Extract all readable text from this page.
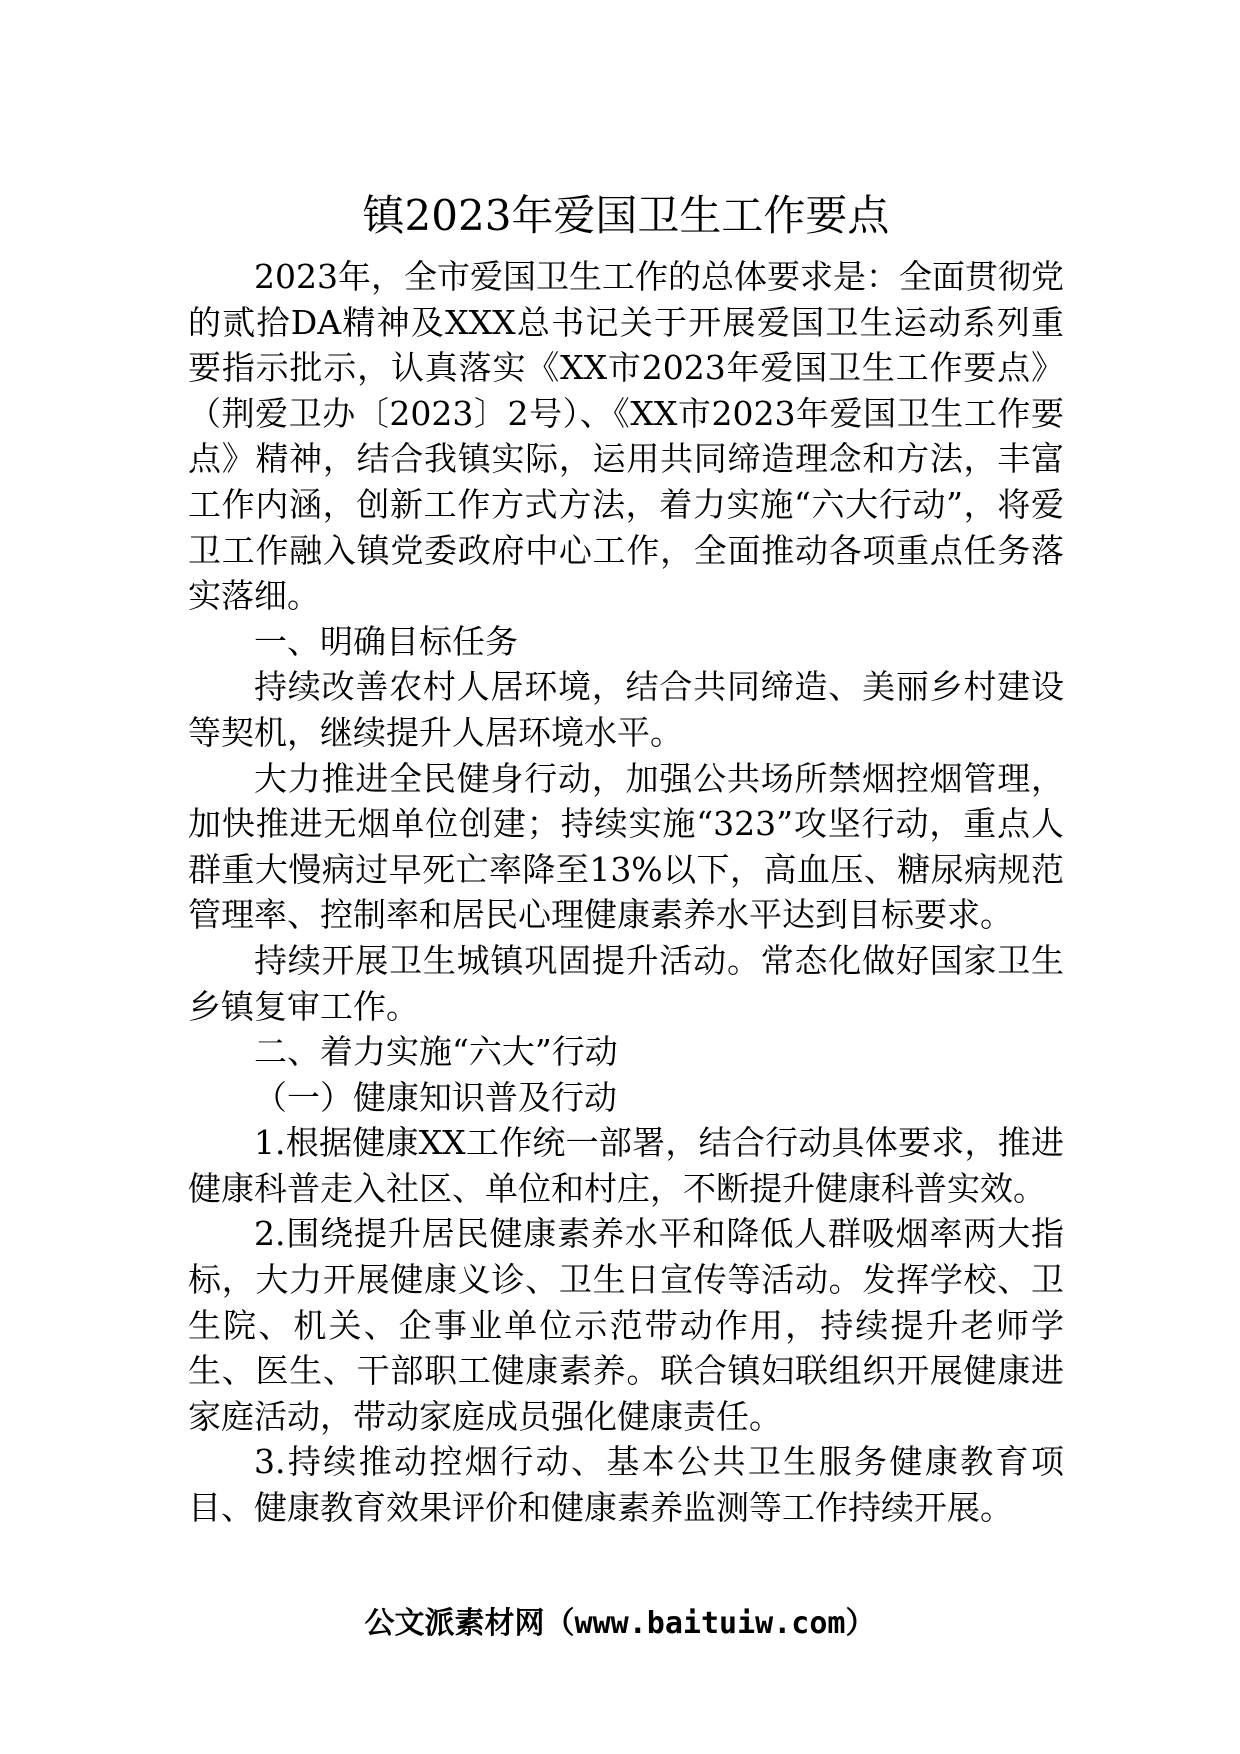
镇2023年爱国卫生工作要点

2023年，全市爱国卫生工作的总体要求是：全面贯彻党的贰拾DA精神及XXX总书记关于开展爱国卫生运动系列重要指示批示，认真落实《XX市2023年爱国卫生工作要点》（荆爱卫办〔2023〕2号）、《XX市2023年爱国卫生工作要点》精神，结合我镇实际，运用共同缔造理念和方法，丰富工作内涵，创新工作方式方法，着力实施“六大行动”，将爱卫工作融入镇党委政府中心工作，全面推动各项重点任务落实落细。

一、明确目标任务

持续改善农村人居环境，结合共同缔造、美丽乡村建设等契机，继续提升人居环境水平。

大力推进全民健身行动，加强公共场所禁烟控烟管理，加快推进无烟单位创建；持续实施“323”攻坚行动，重点人群重大慢病过早死亡率降至13%以下，高血压、糖尿病规范管理率、控制率和居民心理健康素养水平达到目标要求。

持续开展卫生城镇巩固提升活动。常态化做好国家卫生乡镇复审工作。

二、着力实施“六大”行动

（一）健康知识普及行动

1.根据健康XX工作统一部署，结合行动具体要求，推进健康科普走入社区、单位和村庄，不断提升健康科普实效。

2.围绕提升居民健康素养水平和降低人群吸烟率两大指标，大力开展健康义诊、卫生日宣传等活动。发挥学校、卫生院、机关、企事业单位示范带动作用，持续提升老师学生、医生、干部职工健康素养。联合镇妇联组织开展健康进家庭活动，带动家庭成员强化健康责任。

3.持续推动控烟行动、基本公共卫生服务健康教育项目、健康教育效果评价和健康素养监测等工作持续开展。

公文派素材网（www.baituiw.com）
